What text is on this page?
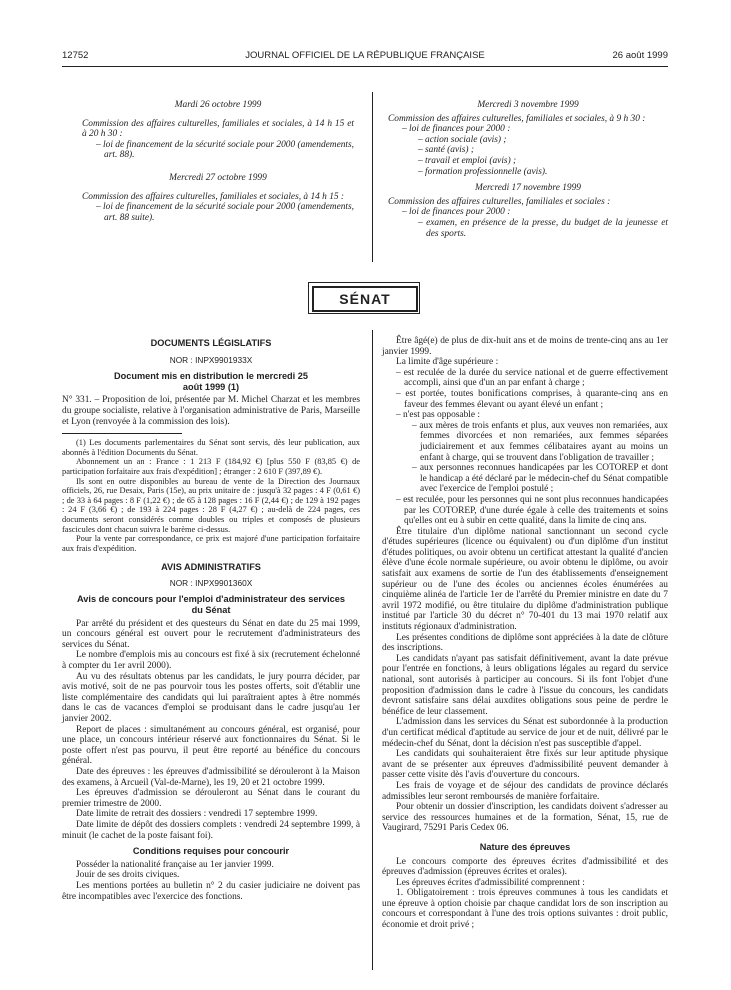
12752	JOURNAL OFFICIEL DE LA RÉPUBLIQUE FRANÇAISE	26 août 1999

Mardi 26 octobre 1999

Commission des affaires culturelles, familiales et sociales, à 14 h 15 et à 20 h 30 :

– loi de financement de la sécurité sociale pour 2000 (amendements, art. 88).

Mercredi 27 octobre 1999

Commission des affaires culturelles, familiales et sociales, à 14 h 15 :

– loi de financement de la sécurité sociale pour 2000 (amendements, art. 88 suite).

Mercredi 3 novembre 1999

Commission des affaires culturelles, familiales et sociales, à 9 h 30 :

– loi de finances pour 2000 :

– action sociale (avis) ;

– santé (avis) ;

– travail et emploi (avis) ;

– formation professionnelle (avis).

Mercredi 17 novembre 1999

Commission des affaires culturelles, familiales et sociales :

– loi de finances pour 2000 :

– examen, en présence de la presse, du budget de la jeunesse et des sports.

SÉNAT

DOCUMENTS LÉGISLATIFS

NOR : INPX9901933X

Document mis en distribution le mercredi 25 août 1999 (1)

N° 331. – Proposition de loi, présentée par M. Michel Charzat et les membres du groupe socialiste, relative à l'organisation administrative de Paris, Marseille et Lyon (renvoyée à la commission des lois).

(1) Les documents parlementaires du Sénat sont servis, dès leur publication, aux abonnés à l'édition Documents du Sénat.

Abonnement un an : France : 1 213 F (184,92 €) [plus 550 F (83,85 €) de participation forfaitaire aux frais d'expédition] ; étranger : 2 610 F (397,89 €).

Ils sont en outre disponibles au bureau de vente de la Direction des Journaux officiels, 26, rue Desaix, Paris (15e), au prix unitaire de : jusqu'à 32 pages : 4 F (0,61 €) ; de 33 à 64 pages : 8 F (1,22 €) ; de 65 à 128 pages : 16 F (2,44 €) ; de 129 à 192 pages : 24 F (3,66 €) ; de 193 à 224 pages : 28 F (4,27 €) ; au-delà de 224 pages, ces documents seront considérés comme doubles ou triples et composés de plusieurs fascicules dont chacun suivra le barème ci-dessus.

Pour la vente par correspondance, ce prix est majoré d'une participation forfaitaire aux frais d'expédition.

AVIS ADMINISTRATIFS

NOR : INPX9901360X

Avis de concours pour l'emploi d'administrateur des services du Sénat

Par arrêté du président et des questeurs du Sénat en date du 25 mai 1999, un concours général est ouvert pour le recrutement d'administrateurs des services du Sénat.

Le nombre d'emplois mis au concours est fixé à six (recrutement échelonné à compter du 1er avril 2000).

Au vu des résultats obtenus par les candidats, le jury pourra décider, par avis motivé, soit de ne pas pourvoir tous les postes offerts, soit d'établir une liste complémentaire des candidats qui lui paraîtraient aptes à être nommés dans le cas de vacances d'emploi se produisant dans le cadre jusqu'au 1er janvier 2002.

Report de places : simultanément au concours général, est organisé, pour une place, un concours intérieur réservé aux fonctionnaires du Sénat. Si le poste offert n'est pas pourvu, il peut être reporté au bénéfice du concours général.

Date des épreuves : les épreuves d'admissibilité se dérouleront à la Maison des examens, à Arcueil (Val-de-Marne), les 19, 20 et 21 octobre 1999.

Les épreuves d'admission se dérouleront au Sénat dans le courant du premier trimestre de 2000.

Date limite de retrait des dossiers : vendredi 17 septembre 1999.

Date limite de dépôt des dossiers complets : vendredi 24 septembre 1999, à minuit (le cachet de la poste faisant foi).

Conditions requises pour concourir

Posséder la nationalité française au 1er janvier 1999.

Jouir de ses droits civiques.

Les mentions portées au bulletin n° 2 du casier judiciaire ne doivent pas être incompatibles avec l'exercice des fonctions.

Être âgé(e) de plus de dix-huit ans et de moins de trente-cinq ans au 1er janvier 1999.

La limite d'âge supérieure :

– est reculée de la durée du service national et de guerre effectivement accompli, ainsi que d'un an par enfant à charge ;

– est portée, toutes bonifications comprises, à quarante-cinq ans en faveur des femmes élevant ou ayant élevé un enfant ;

– n'est pas opposable :

– aux mères de trois enfants et plus, aux veuves non remariées, aux femmes divorcées et non remariées, aux femmes séparées judiciairement et aux femmes célibataires ayant au moins un enfant à charge, qui se trouvent dans l'obligation de travailler ;

– aux personnes reconnues handicapées par les COTOREP et dont le handicap a été déclaré par le médecin-chef du Sénat compatible avec l'exercice de l'emploi postulé ;

– est reculée, pour les personnes qui ne sont plus reconnues handicapées par les COTOREP, d'une durée égale à celle des traitements et soins qu'elles ont eu à subir en cette qualité, dans la limite de cinq ans.

Être titulaire d'un diplôme national sanctionnant un second cycle d'études supérieures (licence ou équivalent) ou d'un diplôme d'un institut d'études politiques, ou avoir obtenu un certificat attestant la qualité d'ancien élève d'une école normale supérieure, ou avoir obtenu le diplôme, ou avoir satisfait aux examens de sortie de l'un des établissements d'enseignement supérieur ou de l'une des écoles ou anciennes écoles énumérées au cinquième alinéa de l'article 1er de l'arrêté du Premier ministre en date du 7 avril 1972 modifié, ou être titulaire du diplôme d'administration publique institué par l'article 30 du décret n° 70-401 du 13 mai 1970 relatif aux instituts régionaux d'administration.

Les présentes conditions de diplôme sont appréciées à la date de clôture des inscriptions.

Les candidats n'ayant pas satisfait définitivement, avant la date prévue pour l'entrée en fonctions, à leurs obligations légales au regard du service national, sont autorisés à participer au concours. Si ils font l'objet d'une proposition d'admission dans le cadre à l'issue du concours, les candidats devront satisfaire sans délai auxdites obligations sous peine de perdre le bénéfice de leur classement.

L'admission dans les services du Sénat est subordonnée à la production d'un certificat médical d'aptitude au service de jour et de nuit, délivré par le médecin-chef du Sénat, dont la décision n'est pas susceptible d'appel.

Les candidats qui souhaiteraient être fixés sur leur aptitude physique avant de se présenter aux épreuves d'admissibilité peuvent demander à passer cette visite dès l'avis d'ouverture du concours.

Les frais de voyage et de séjour des candidats de province déclarés admissibles leur seront remboursés de manière forfaitaire.

Pour obtenir un dossier d'inscription, les candidats doivent s'adresser au service des ressources humaines et de la formation, Sénat, 15, rue de Vaugirard, 75291 Paris Cedex 06.

Nature des épreuves

Le concours comporte des épreuves écrites d'admissibilité et des épreuves d'admission (épreuves écrites et orales).

Les épreuves écrites d'admissibilité comprennent :

1. Obligatoirement : trois épreuves communes à tous les candidats et une épreuve à option choisie par chaque candidat lors de son inscription au concours et correspondant à l'une des trois options suivantes : droit public, économie et droit privé ;
